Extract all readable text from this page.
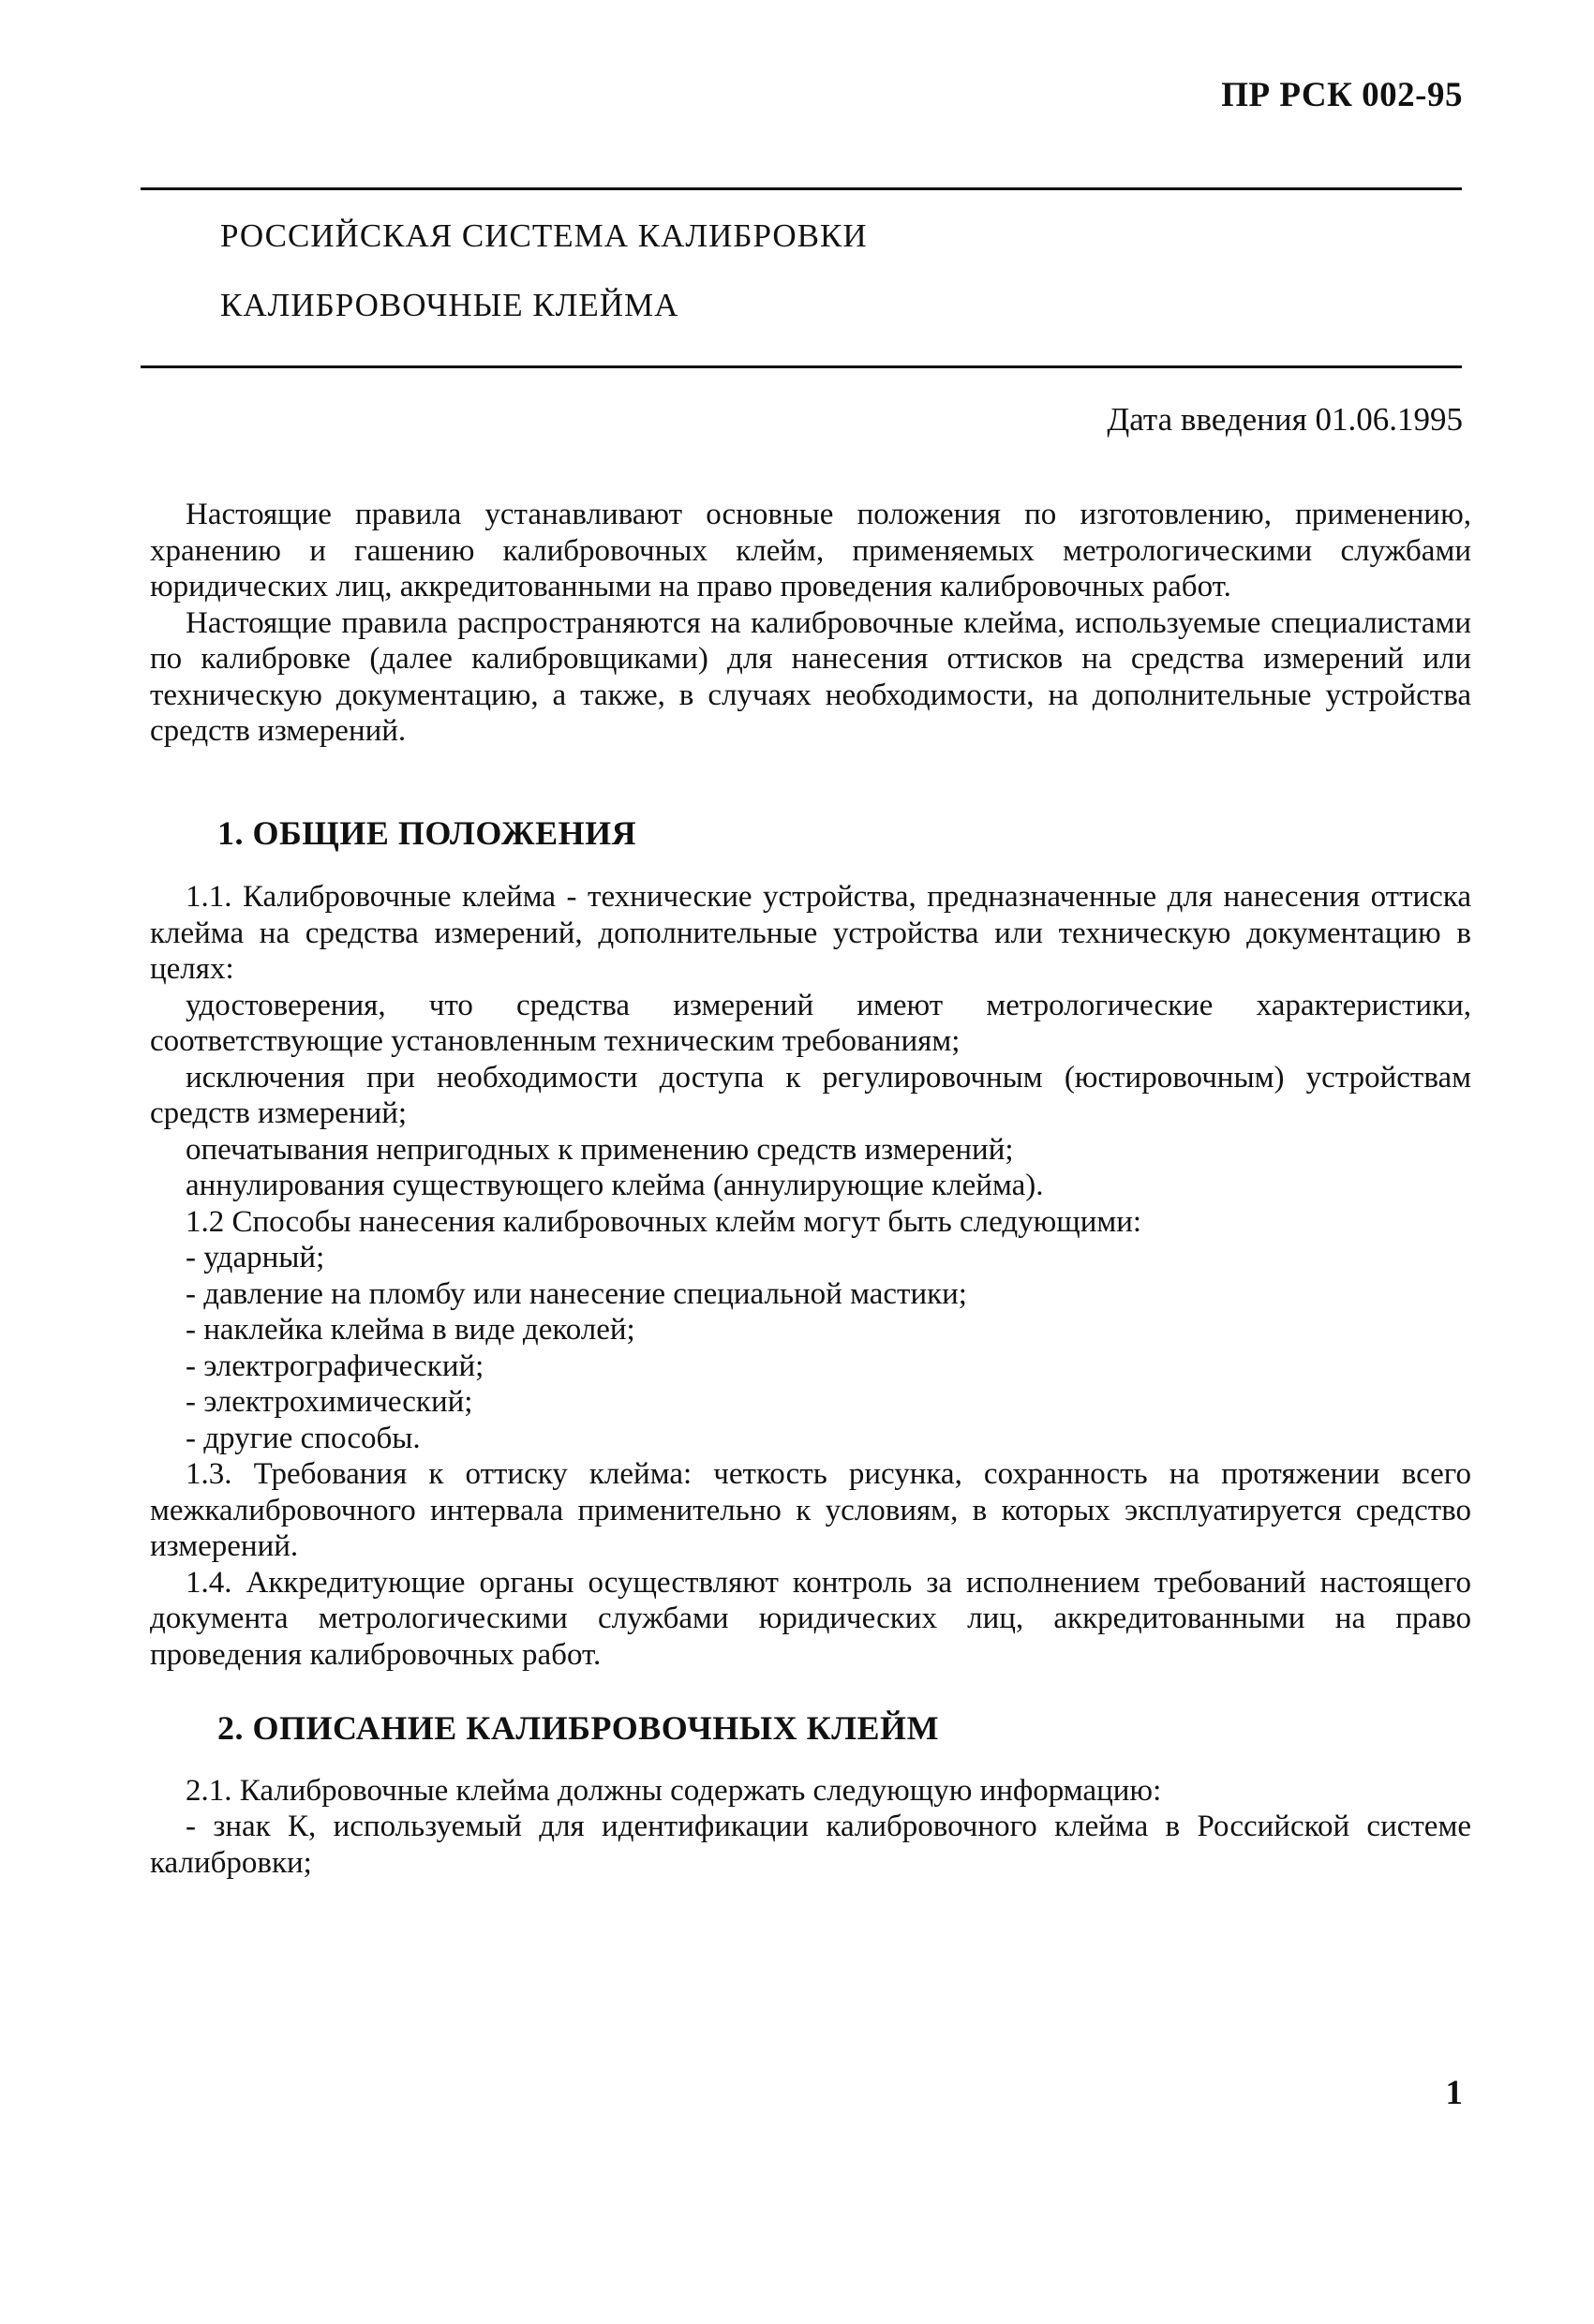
ПР РСК 002-95
РОССИЙСКАЯ СИСТЕМА КАЛИБРОВКИ
КАЛИБРОВОЧНЫЕ КЛЕЙМА
Дата введения 01.06.1995

Настоящие правила устанавливают основные положения по изготовлению, применению, хранению и гашению калибровочных клейм, применяемых метрологическими службами юридических лиц, аккредитованными на право проведения калибровочных работ.

Настоящие правила распространяются на калибровочные клейма, используемые специалистами по калибровке (далее калибровщиками) для нанесения оттисков на средства измерений или техническую документацию, а также, в случаях необходимости, на дополнительные устройства средств измерений.

1. ОБЩИЕ ПОЛОЖЕНИЯ

1.1. Калибровочные клейма - технические устройства, предназначенные для нанесения оттиска клейма на средства измерений, дополнительные устройства или техническую документацию в целях:

удостоверения, что средства измерений имеют метрологические характеристики, соответствующие установленным техническим требованиям;

исключения при необходимости доступа к регулировочным (юстировочным) устройствам средств измерений;

опечатывания непригодных к применению средств измерений;

аннулирования существующего клейма (аннулирующие клейма).

1.2 Способы нанесения калибровочных клейм могут быть следующими:

- ударный;

- давление на пломбу или нанесение специальной мастики;

- наклейка клейма в виде деколей;

- электрографический;

- электрохимический;

- другие способы.

1.3. Требования к оттиску клейма: четкость рисунка, сохранность на протяжении всего межкалибровочного интервала применительно к условиям, в которых эксплуатируется средство измерений.

1.4. Аккредитующие органы осуществляют контроль за исполнением требований настоящего документа метрологическими службами юридических лиц, аккредитованными на право проведения калибровочных работ.

2. ОПИСАНИЕ КАЛИБРОВОЧНЫХ КЛЕЙМ

2.1. Калибровочные клейма должны содержать следующую информацию:

- знак К, используемый для идентификации калибровочного клейма в Российской системе калибровки;

1
